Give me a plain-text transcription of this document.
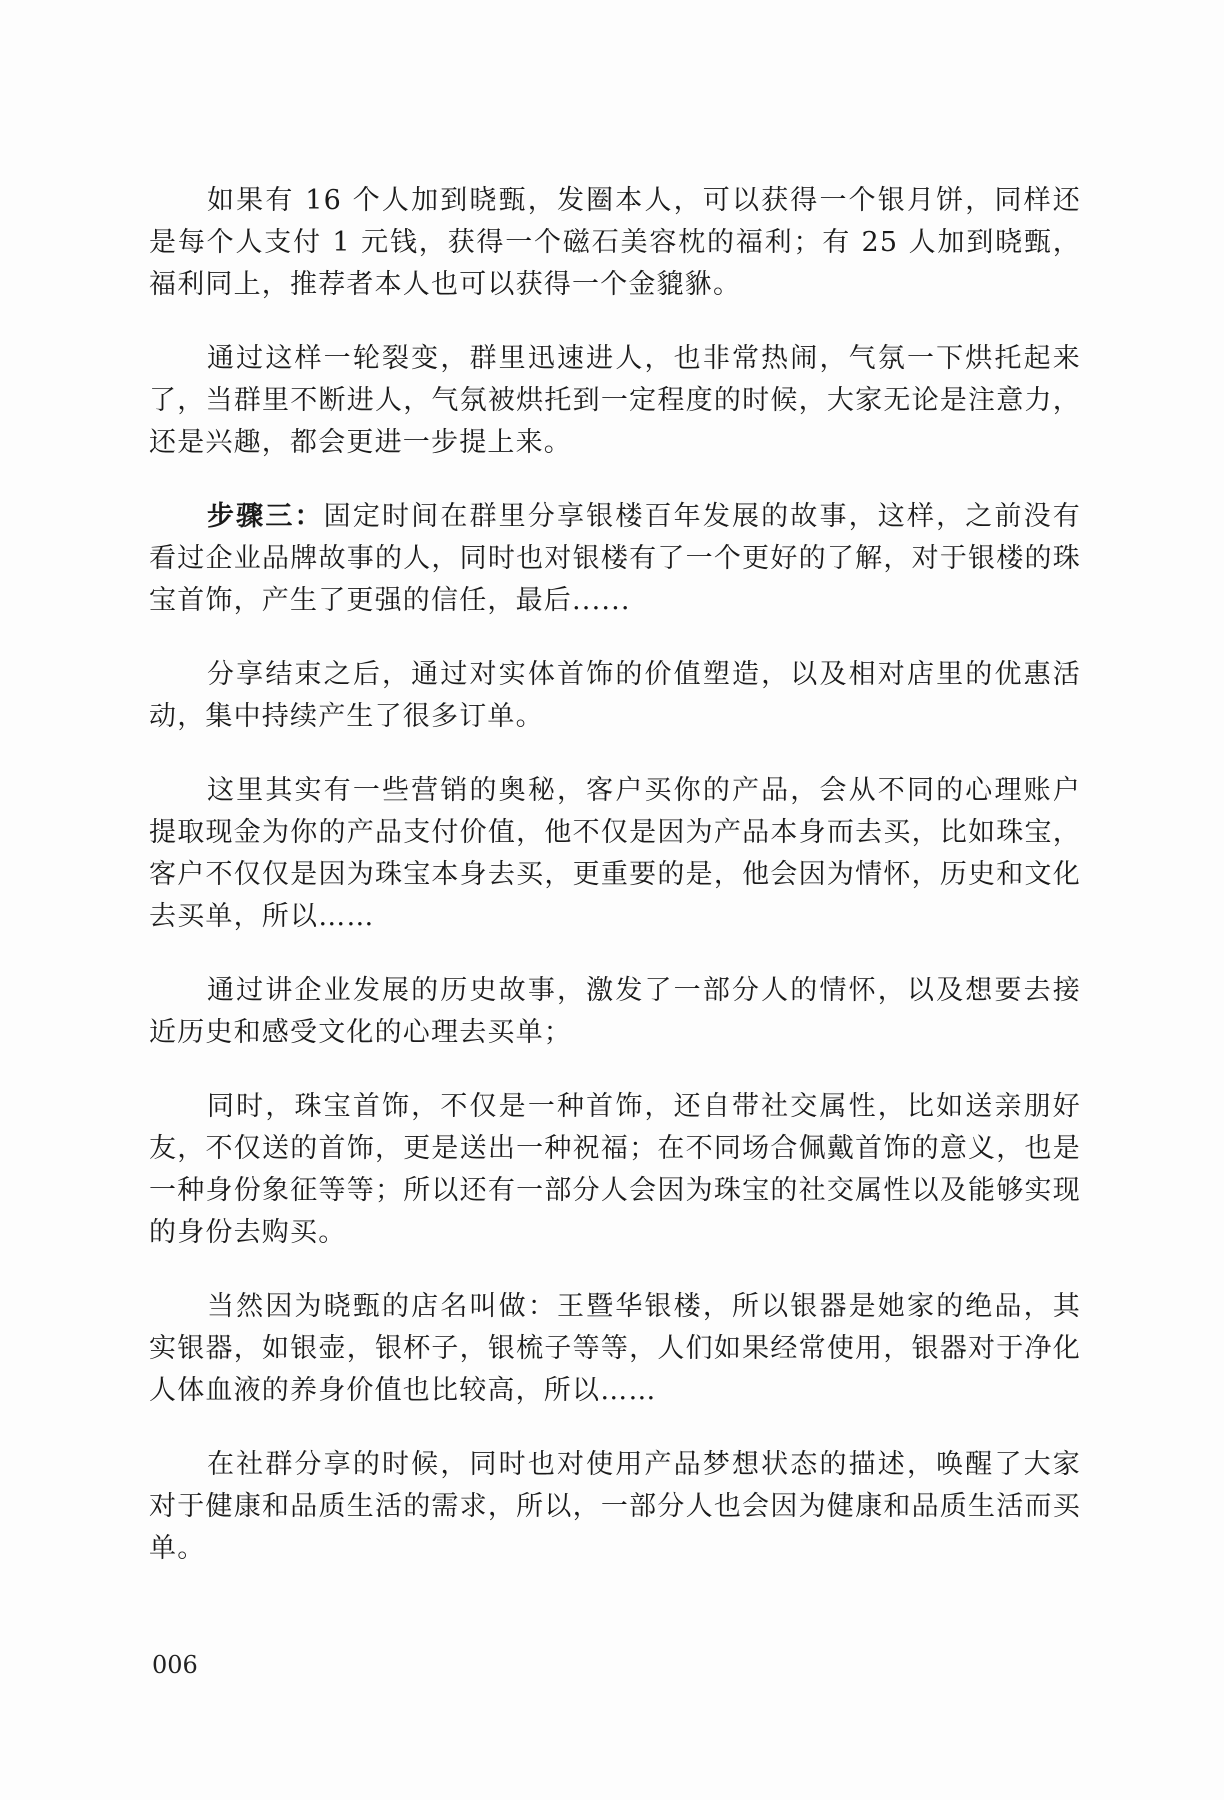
如果有 16 个人加到晓甄，发圈本人，可以获得一个银月饼，同样还是每个人支付 1 元钱，获得一个磁石美容枕的福利；有 25 人加到晓甄，福利同上，推荐者本人也可以获得一个金貔貅。

通过这样一轮裂变，群里迅速进人，也非常热闹，气氛一下烘托起来了，当群里不断进人，气氛被烘托到一定程度的时候，大家无论是注意力，还是兴趣，都会更进一步提上来。

步骤三：固定时间在群里分享银楼百年发展的故事，这样，之前没有看过企业品牌故事的人，同时也对银楼有了一个更好的了解，对于银楼的珠宝首饰，产生了更强的信任，最后......

分享结束之后，通过对实体首饰的价值塑造，以及相对店里的优惠活动，集中持续产生了很多订单。

这里其实有一些营销的奥秘，客户买你的产品，会从不同的心理账户提取现金为你的产品支付价值，他不仅是因为产品本身而去买，比如珠宝，客户不仅仅是因为珠宝本身去买，更重要的是，他会因为情怀，历史和文化去买单，所以……

通过讲企业发展的历史故事，激发了一部分人的情怀，以及想要去接近历史和感受文化的心理去买单；

同时，珠宝首饰，不仅是一种首饰，还自带社交属性，比如送亲朋好友，不仅送的首饰，更是送出一种祝福；在不同场合佩戴首饰的意义，也是一种身份象征等等；所以还有一部分人会因为珠宝的社交属性以及能够实现的身份去购买。

当然因为晓甄的店名叫做：王暨华银楼，所以银器是她家的绝品，其实银器，如银壶，银杯子，银梳子等等，人们如果经常使用，银器对于净化人体血液的养身价值也比较高，所以……

在社群分享的时候，同时也对使用产品梦想状态的描述，唤醒了大家对于健康和品质生活的需求，所以，一部分人也会因为健康和品质生活而买单。

006
